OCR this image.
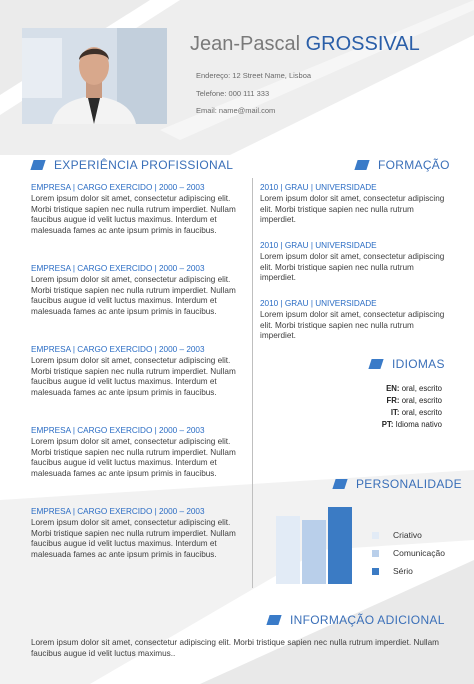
Jean-Pascal GROSSIVAL
Endereço: 12 Street Name, Lisboa
Telefone: 000 111 333
Email: name@mail.com
EXPERIÊNCIA PROFISSIONAL
EMPRESA | CARGO EXERCIDO | 2000 – 2003
Lorem ipsum dolor sit amet, consectetur adipiscing elit. Morbi tristique sapien nec nulla rutrum imperdiet. Nullam faucibus augue id velit luctus maximus. Interdum et malesuada fames ac ante ipsum primis in faucibus.
EMPRESA | CARGO EXERCIDO | 2000 – 2003
Lorem ipsum dolor sit amet, consectetur adipiscing elit. Morbi tristique sapien nec nulla rutrum imperdiet. Nullam faucibus augue id velit luctus maximus. Interdum et malesuada fames ac ante ipsum primis in faucibus.
EMPRESA | CARGO EXERCIDO | 2000 – 2003
Lorem ipsum dolor sit amet, consectetur adipiscing elit. Morbi tristique sapien nec nulla rutrum imperdiet. Nullam faucibus augue id velit luctus maximus. Interdum et malesuada fames ac ante ipsum primis in faucibus.
EMPRESA | CARGO EXERCIDO | 2000 – 2003
Lorem ipsum dolor sit amet, consectetur adipiscing elit. Morbi tristique sapien nec nulla rutrum imperdiet. Nullam faucibus augue id velit luctus maximus. Interdum et malesuada fames ac ante ipsum primis in faucibus.
EMPRESA | CARGO EXERCIDO | 2000 – 2003
Lorem ipsum dolor sit amet, consectetur adipiscing elit. Morbi tristique sapien nec nulla rutrum imperdiet. Nullam faucibus augue id velit luctus maximus. Interdum et malesuada fames ac ante ipsum primis in faucibus.
FORMAÇÃO
2010 | GRAU | UNIVERSIDADE
Lorem ipsum dolor sit amet, consectetur adipiscing elit. Morbi tristique sapien nec nulla rutrum imperdiet.
2010 | GRAU | UNIVERSIDADE
Lorem ipsum dolor sit amet, consectetur adipiscing elit. Morbi tristique sapien nec nulla rutrum imperdiet.
2010 | GRAU | UNIVERSIDADE
Lorem ipsum dolor sit amet, consectetur adipiscing elit. Morbi tristique sapien nec nulla rutrum imperdiet.
IDIOMAS
EN: oral, escrito
FR: oral, escrito
IT: oral, escrito
PT: Idioma nativo
PERSONALIDADE
Criativo
Comunicação
Sério
INFORMAÇÃO ADICIONAL
Lorem ipsum dolor sit amet, consectetur adipiscing elit. Morbi tristique sapien nec nulla rutrum imperdiet. Nullam faucibus augue id velit luctus maximus..
